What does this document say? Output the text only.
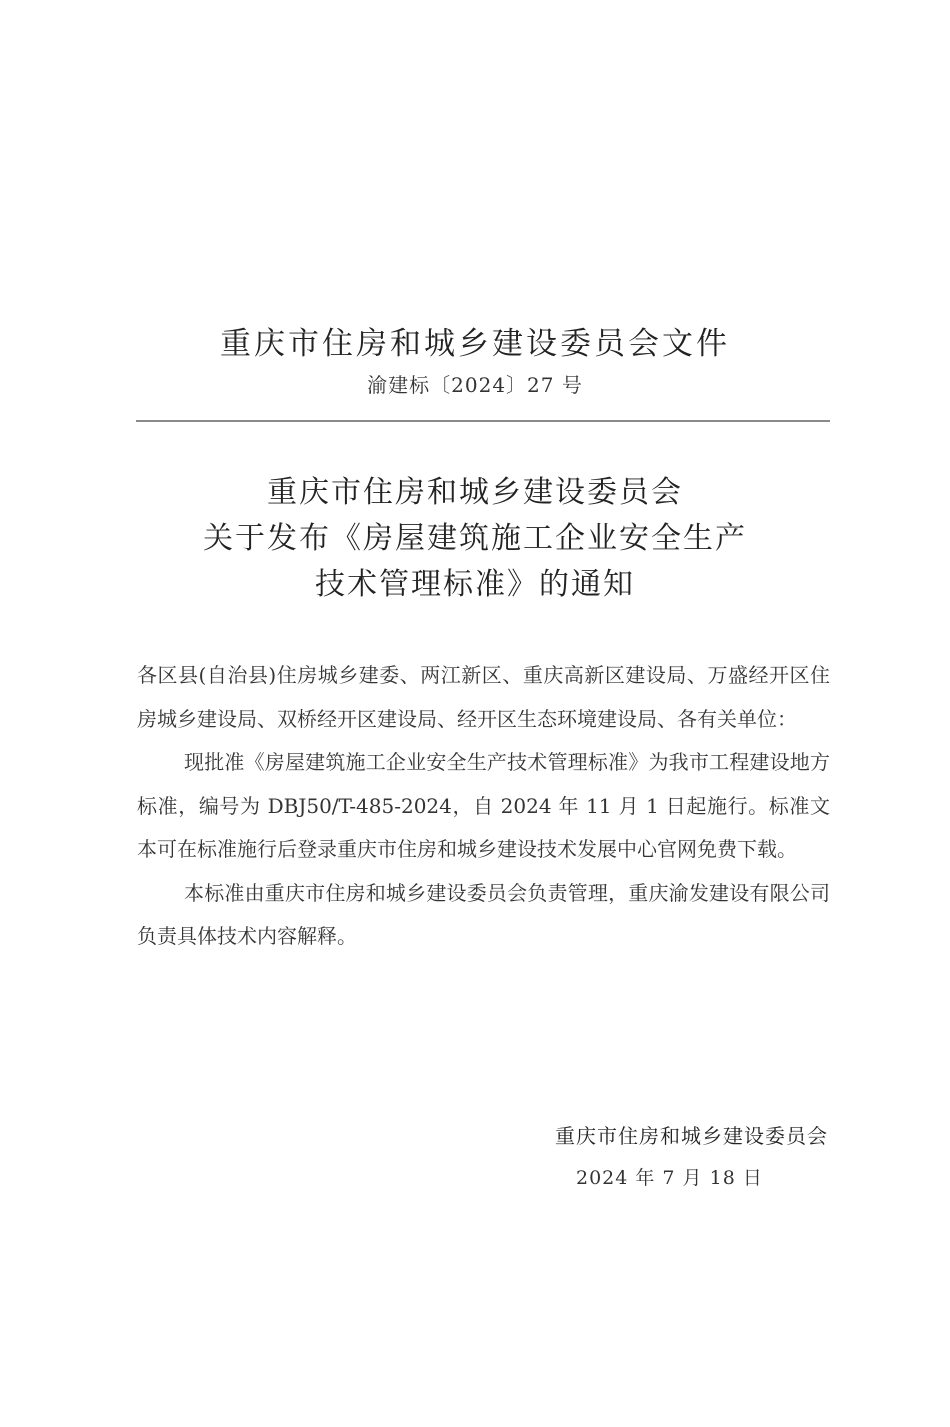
重庆市住房和城乡建设委员会文件
渝建标〔2024〕27 号
重庆市住房和城乡建设委员会
关于发布《房屋建筑施工企业安全生产
技术管理标准》的通知

各区县(自治县)住房城乡建委、两江新区、重庆高新区建设局、万盛经开区住房城乡建设局、双桥经开区建设局、经开区生态环境建设局、各有关单位：

现批准《房屋建筑施工企业安全生产技术管理标准》为我市工程建设地方标准，编号为 DBJ50/T-485-2024，自 2024 年 11 月 1 日起施行。标准文本可在标准施行后登录重庆市住房和城乡建设技术发展中心官网免费下载。

本标准由重庆市住房和城乡建设委员会负责管理，重庆渝发建设有限公司负责具体技术内容解释。

重庆市住房和城乡建设委员会
2024 年 7 月 18 日
